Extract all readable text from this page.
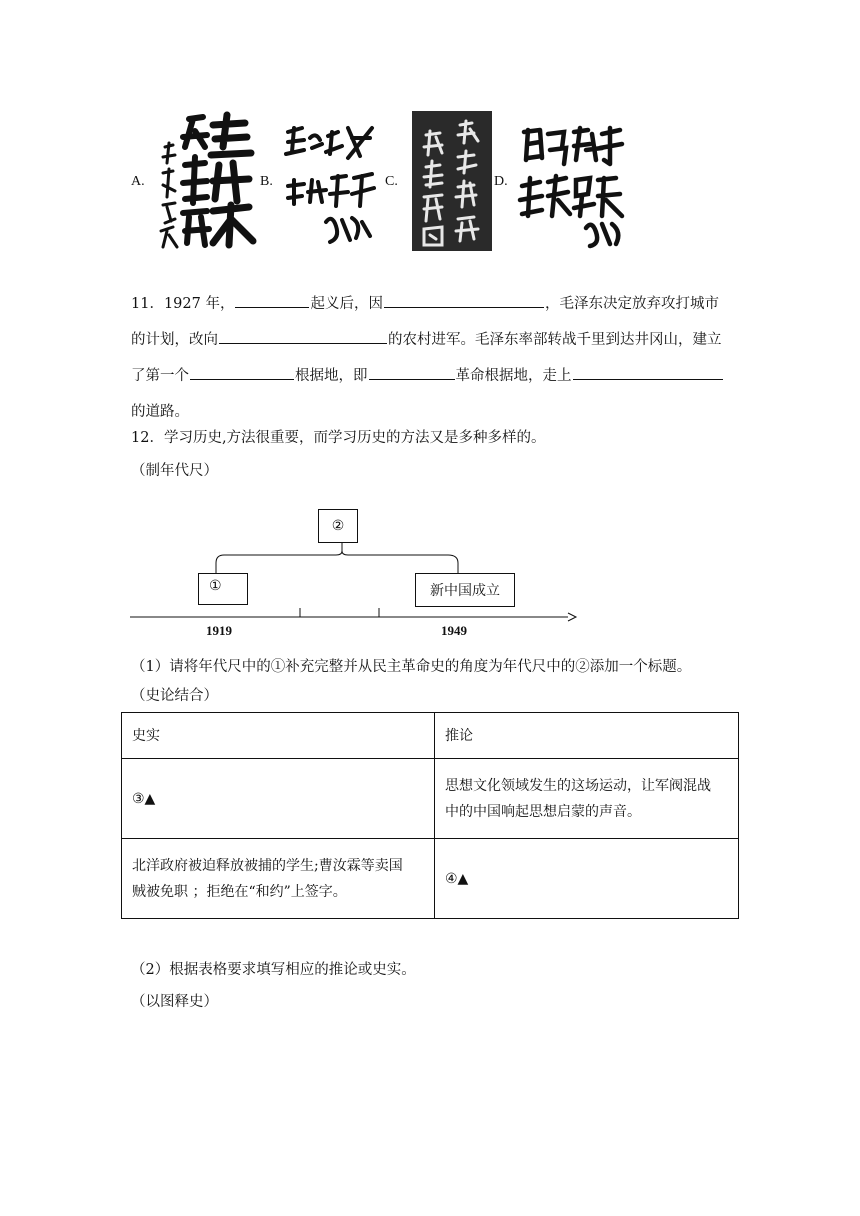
A.	B.	C.	D.
11．1927 年，	起义后，因	，毛泽东决定放弃攻打城市
的计划，改向	的农村进军。毛泽东率部转战千里到达井冈山，建立
了第一个	根据地，即	革命根据地，走上
的道路。
12．学习历史,方法很重要，而学习历史的方法又是多种多样的。
（制年代尺）
②
①	新中国成立
1919	1949
（1）请将年代尺中的①补充完整并从民主革命史的角度为年代尺中的②添加一个标题。
（史论结合）
史实	推论
③▲	思想文化领域发生的这场运动，让军阀混战
中的中国响起思想启蒙的声音。

北洋政府被迫释放被捕的学生;曹汝霖等卖国
贼被免职 ；拒绝在“和约”上签字。	④▲
（2）根据表格要求填写相应的推论或史实。
（以图释史）
